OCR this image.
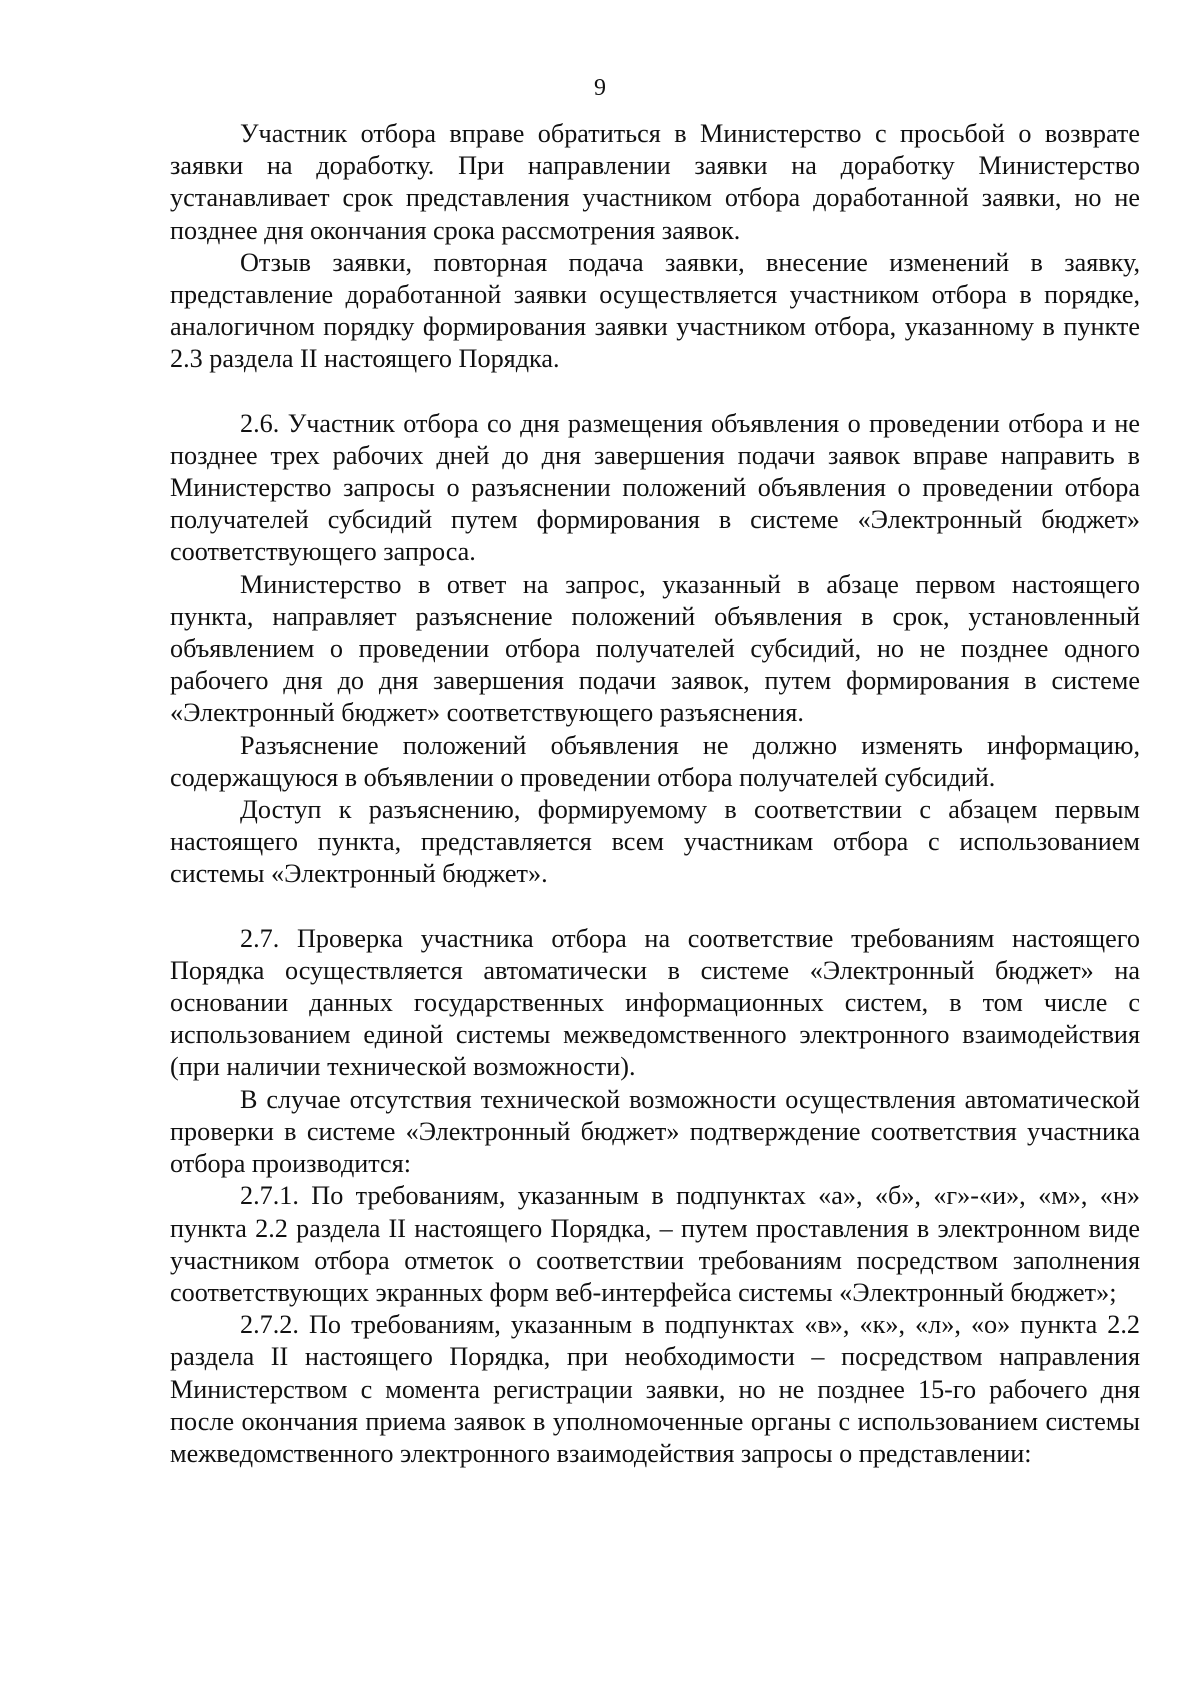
9

Участник отбора вправе обратиться в Министерство с просьбой о возврате заявки на доработку. При направлении заявки на доработку Министерство устанавливает срок представления участником отбора доработанной заявки, но не позднее дня окончания срока рассмотрения заявок.

Отзыв заявки, повторная подача заявки, внесение изменений в заявку, представление доработанной заявки осуществляется участником отбора в порядке, аналогичном порядку формирования заявки участником отбора, указанному в пункте 2.3 раздела II настоящего Порядка.

2.6. Участник отбора со дня размещения объявления о проведении отбора и не позднее трех рабочих дней до дня завершения подачи заявок вправе направить в Министерство запросы о разъяснении положений объявления о проведении отбора получателей субсидий путем формирования в системе «Электронный бюджет» соответствующего запроса.

Министерство в ответ на запрос, указанный в абзаце первом настоящего пункта, направляет разъяснение положений объявления в срок, установленный объявлением о проведении отбора получателей субсидий, но не позднее одного рабочего дня до дня завершения подачи заявок, путем формирования в системе «Электронный бюджет» соответствующего разъяснения.

Разъяснение положений объявления не должно изменять информацию, содержащуюся в объявлении о проведении отбора получателей субсидий.

Доступ к разъяснению, формируемому в соответствии с абзацем первым настоящего пункта, представляется всем участникам отбора с использованием системы «Электронный бюджет».

2.7. Проверка участника отбора на соответствие требованиям настоящего Порядка осуществляется автоматически в системе «Электронный бюджет» на основании данных государственных информационных систем, в том числе с использованием единой системы межведомственного электронного взаимодействия (при наличии технической возможности).

В случае отсутствия технической возможности осуществления автоматической проверки в системе «Электронный бюджет» подтверждение соответствия участника отбора производится:

2.7.1. По требованиям, указанным в подпунктах «а», «б», «г»-«и», «м», «н» пункта 2.2 раздела II настоящего Порядка, – путем проставления в электронном виде участником отбора отметок о соответствии требованиям посредством заполнения соответствующих экранных форм веб-интерфейса системы «Электронный бюджет»;

2.7.2. По требованиям, указанным в подпунктах «в», «к», «л», «о» пункта 2.2 раздела II настоящего Порядка, при необходимости – посредством направления Министерством с момента регистрации заявки, но не позднее 15-го рабочего дня после окончания приема заявок в уполномоченные органы с использованием системы межведомственного электронного взаимодействия запросы о представлении:
